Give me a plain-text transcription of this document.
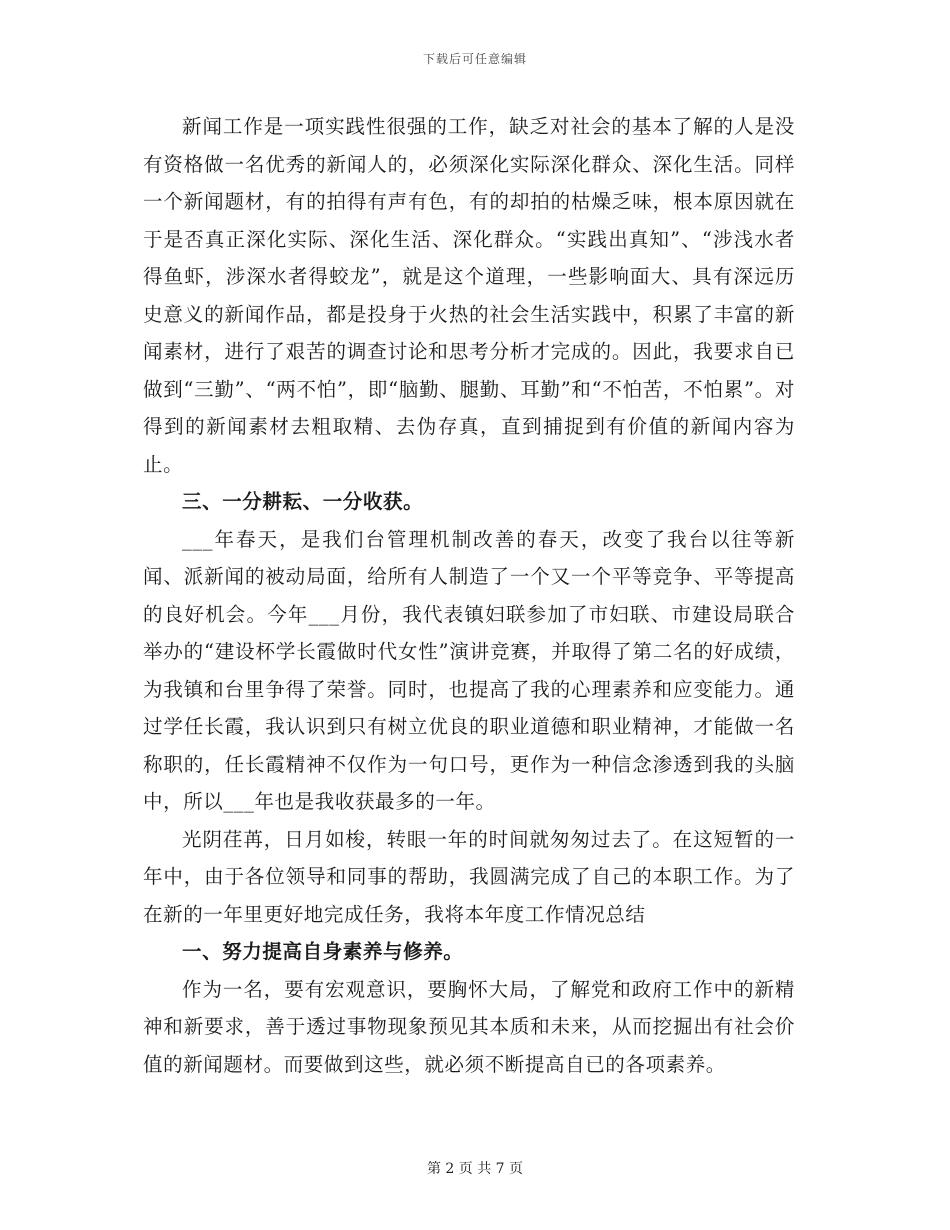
下载后可任意编辑

新闻工作是一项实践性很强的工作，缺乏对社会的基本了解的人是没有资格做一名优秀的新闻人的，必须深化实际深化群众、深化生活。同样一个新闻题材，有的拍得有声有色，有的却拍的枯燥乏味，根本原因就在于是否真正深化实际、深化生活、深化群众。“实践出真知”、“涉浅水者得鱼虾，涉深水者得蛟龙”，就是这个道理，一些影响面大、具有深远历史意义的新闻作品，都是投身于火热的社会生活实践中，积累了丰富的新闻素材，进行了艰苦的调查讨论和思考分析才完成的。因此，我要求自已做到“三勤”、“两不怕”，即“脑勤、腿勤、耳勤”和“不怕苦，不怕累”。对得到的新闻素材去粗取精、去伪存真，直到捕捉到有价值的新闻内容为止。

三、一分耕耘、一分收获。

___年春天，是我们台管理机制改善的春天，改变了我台以往等新闻、派新闻的被动局面，给所有人制造了一个又一个平等竞争、平等提高的良好机会。今年___月份，我代表镇妇联参加了市妇联、市建设局联合举办的“建设杯学长霞做时代女性”演讲竞赛，并取得了第二名的好成绩，为我镇和台里争得了荣誉。同时，也提高了我的心理素养和应变能力。通过学任长霞，我认识到只有树立优良的职业道德和职业精神，才能做一名称职的，任长霞精神不仅作为一句口号，更作为一种信念渗透到我的头脑中，所以___年也是我收获最多的一年。

光阴荏苒，日月如梭，转眼一年的时间就匆匆过去了。在这短暂的一年中，由于各位领导和同事的帮助，我圆满完成了自己的本职工作。为了在新的一年里更好地完成任务，我将本年度工作情况总结

一、努力提高自身素养与修养。

作为一名，要有宏观意识，要胸怀大局，了解党和政府工作中的新精神和新要求，善于透过事物现象预见其本质和未来，从而挖掘出有社会价值的新闻题材。而要做到这些，就必须不断提高自已的各项素养。

第 2 页 共 7 页
